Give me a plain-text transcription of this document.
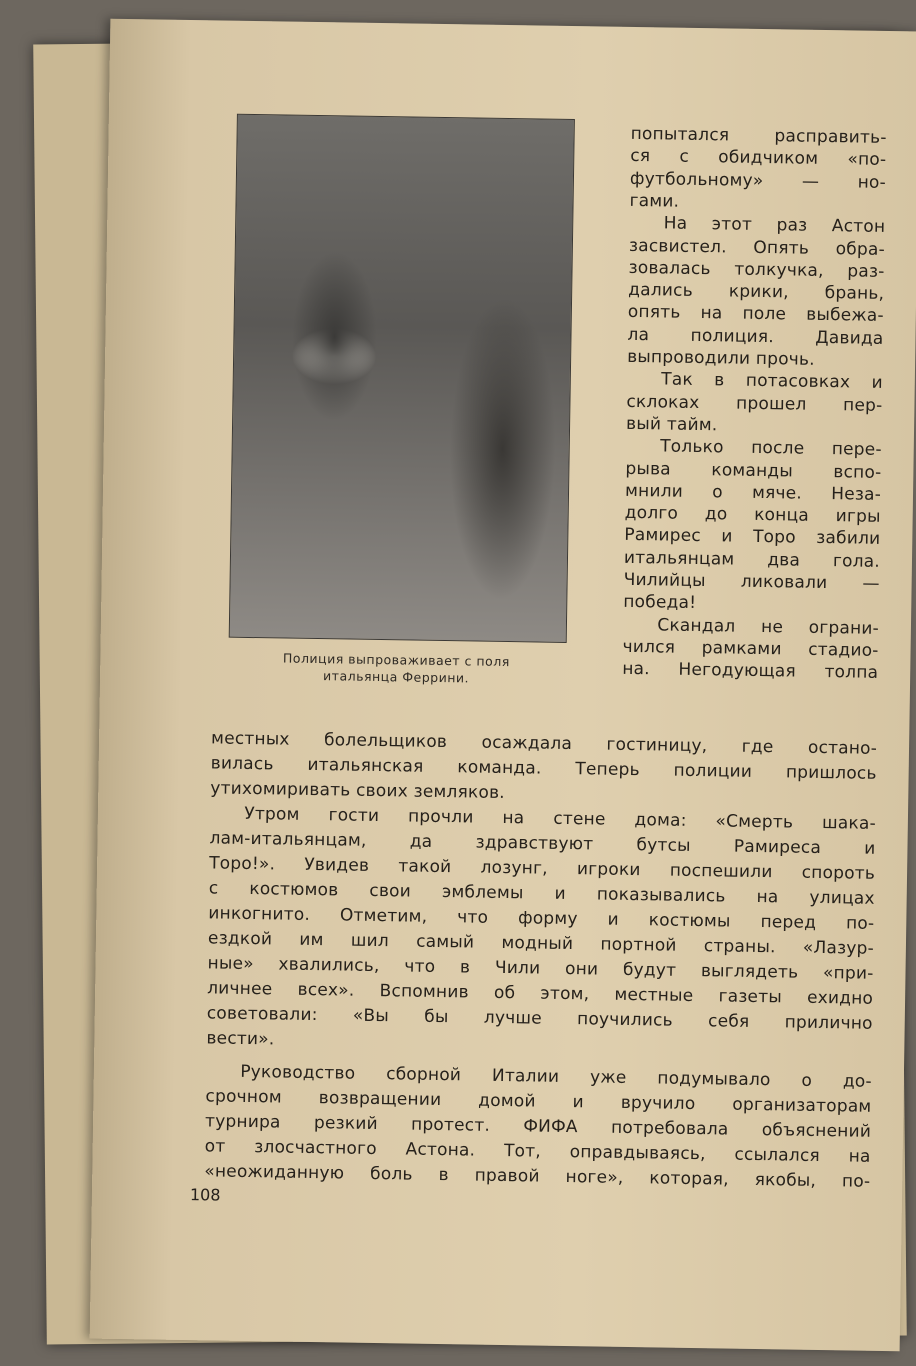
Полиция выпроваживает с поля
итальянца Феррини.
попытался расправить-
ся с обидчиком «по-
футбольному» — но-
гами.
  На этот раз Астон
засвистел. Опять обра-
зовалась толкучка, раз-
дались крики, брань,
опять на поле выбежа-
ла полиция. Давида
выпроводили прочь.
  Так в потасовках и
склоках прошел пер-
вый тайм.
  Только после пере-
рыва команды вспо-
мнили о мяче. Неза-
долго до конца игры
Рамирес и Торо забили
итальянцам два гола.
Чилийцы ликовали —
победа!
  Скандал не ограни-
чился рамками стадио-
на. Негодующая толпа
местных болельщиков осаждала гостиницу, где остано-
вилась итальянская команда. Теперь полиции пришлось
утихомиривать своих земляков.
  Утром гости прочли на стене дома: «Смерть шака-
лам-итальянцам, да здравствуют бутсы Рамиреса и
Торо!». Увидев такой лозунг, игроки поспешили спороть
с костюмов свои эмблемы и показывались на улицах
инкогнито. Отметим, что форму и костюмы перед по-
ездкой им шил самый модный портной страны. «Лазур-
ные» хвалились, что в Чили они будут выглядеть «при-
личнее всех». Вспомнив об этом, местные газеты ехидно
советовали: «Вы бы лучше поучились себя прилично
вести».
  Руководство сборной Италии уже подумывало о до-
срочном возвращении домой и вручило организаторам
турнира резкий протест. ФИФА потребовала объяснений
от злосчастного Астона. Тот, оправдываясь, ссылался на
«неожиданную боль в правой ноге», которая, якобы, по-
108
